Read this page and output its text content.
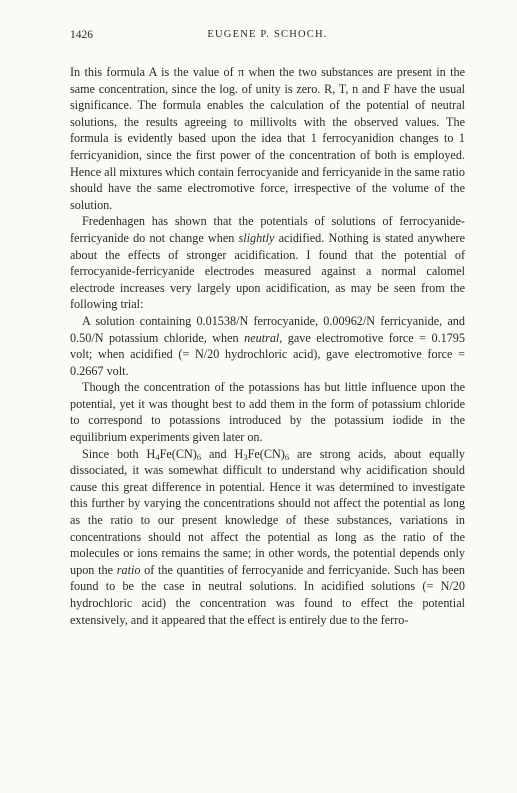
1426	EUGENE P. SCHOCH.

In this formula A is the value of π when the two substances are present in the same concentration, since the log. of unity is zero. R, T, n and F have the usual significance. The formula enables the calculation of the potential of neutral solutions, the results agreeing to millivolts with the observed values. The formula is evidently based upon the idea that 1 ferrocyanidion changes to 1 ferricyanidion, since the first power of the concentration of both is employed. Hence all mixtures which contain ferrocyanide and ferricyanide in the same ratio should have the same electromotive force, irrespective of the volume of the solution.

Fredenhagen has shown that the potentials of solutions of ferrocyanide-ferricyanide do not change when slightly acidified. Nothing is stated anywhere about the effects of stronger acidification. I found that the potential of ferrocyanide-ferricyanide electrodes measured against a normal calomel electrode increases very largely upon acidification, as may be seen from the following trial:

A solution containing 0.01538/N ferrocyanide, 0.00962/N ferricyanide, and 0.50/N potassium chloride, when neutral, gave electromotive force = 0.1795 volt; when acidified (= N/20 hydrochloric acid), gave electromotive force = 0.2667 volt.

Though the concentration of the potassions has but little influence upon the potential, yet it was thought best to add them in the form of potassium chloride to correspond to potassions introduced by the potassium iodide in the equilibrium experiments given later on.

Since both $H_4Fe(CN)_6$ and $H_3Fe(CN)_6$ are strong acids, about equally dissociated, it was somewhat difficult to understand why acidification should cause this great difference in potential. Hence it was determined to investigate this further by varying the concentrations should not affect the potential as long as the ratio to our present knowledge of these substances, variations in concentrations should not affect the potential as long as the ratio of the molecules or ions remains the same; in other words, the potential depends only upon the ratio of the quantities of ferrocyanide and ferricyanide. Such has been found to be the case in neutral solutions. In acidified solutions (= N/20 hydrochloric acid) the concentration was found to effect the potential extensively, and it appeared that the effect is entirely due to the ferro-
